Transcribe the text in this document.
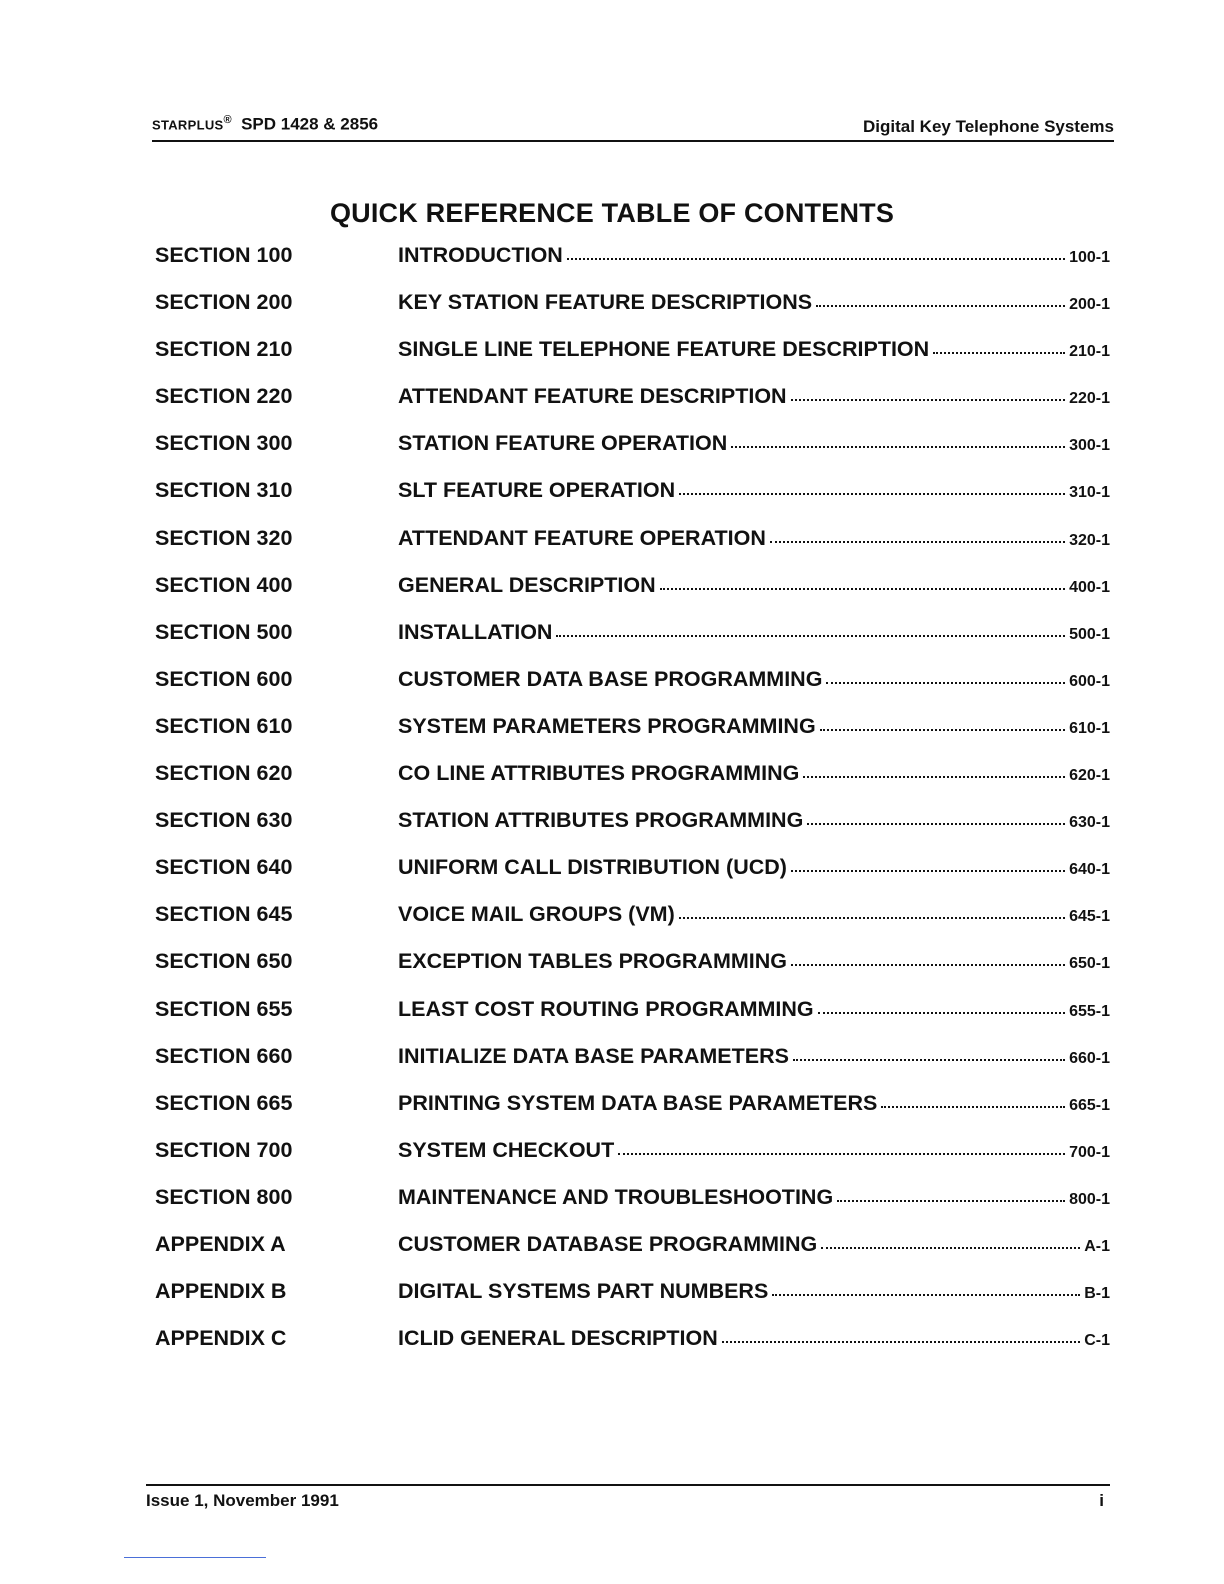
STARPLUS® SPD 1428 & 2856	Digital Key Telephone Systems
QUICK REFERENCE TABLE OF CONTENTS
SECTION 100	INTRODUCTION	100-1
SECTION 200	KEY STATION FEATURE DESCRIPTIONS	200-1
SECTION 210	SINGLE LINE TELEPHONE FEATURE DESCRIPTION	210-1
SECTION 220	ATTENDANT FEATURE DESCRIPTION	220-1
SECTION 300	STATION FEATURE OPERATION	300-1
SECTION 310	SLT FEATURE OPERATION	310-1
SECTION 320	ATTENDANT FEATURE OPERATION	320-1
SECTION 400	GENERAL DESCRIPTION	400-1
SECTION 500	INSTALLATION	500-1
SECTION 600	CUSTOMER DATA BASE PROGRAMMING	600-1
SECTION 610	SYSTEM PARAMETERS PROGRAMMING	610-1
SECTION 620	CO LINE ATTRIBUTES PROGRAMMING	620-1
SECTION 630	STATION ATTRIBUTES PROGRAMMING	630-1
SECTION 640	UNIFORM CALL DISTRIBUTION (UCD)	640-1
SECTION 645	VOICE MAIL GROUPS (VM)	645-1
SECTION 650	EXCEPTION TABLES PROGRAMMING	650-1
SECTION 655	LEAST COST ROUTING PROGRAMMING	655-1
SECTION 660	INITIALIZE DATA BASE PARAMETERS	660-1
SECTION 665	PRINTING SYSTEM DATA BASE PARAMETERS	665-1
SECTION 700	SYSTEM CHECKOUT	700-1
SECTION 800	MAINTENANCE AND TROUBLESHOOTING	800-1
APPENDIX A	CUSTOMER DATABASE PROGRAMMING	A-1
APPENDIX B	DIGITAL SYSTEMS PART NUMBERS	B-1
APPENDIX C	ICLID GENERAL DESCRIPTION	C-1
Issue 1, November 1991	i
